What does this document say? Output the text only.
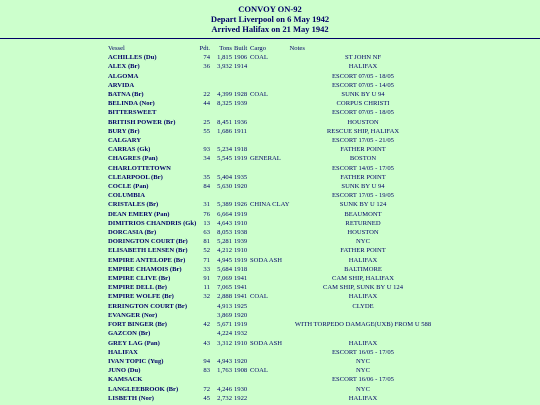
CONVOY ON-92
Depart Liverpool on 6 May 1942
Arrived Halifax on 21 May 1942
Vessel	Pdt.	Tons	Built	Cargo	Notes
ACHILLES (Du)	74	1,815	1906	COAL	ST JOHN NF
ALEX (Br)	36	3,932	1914		HALIFAX
ALGOMA					ESCORT 07/05 - 18/05
ARVIDA					ESCORT 07/05 - 14/05
BATNA (Br)	22	4,399	1928	COAL	SUNK BY U 94
BELINDA (Nor)	44	8,325	1939		CORPUS CHRISTI
BITTERSWEET					ESCORT 07/05 - 18/05
BRITISH POWER (Br)	25	8,451	1936		HOUSTON
BURY (Br)	55	1,686	1911		RESCUE SHIP, HALIFAX
CALGARY					ESCORT 17/05 - 21/05
CARRAS (Gk)	93	5,234	1918		FATHER POINT
CHAGRES (Pan)	34	5,545	1919	GENERAL	BOSTON
CHARLOTTETOWN					ESCORT 14/05 - 17/05
CLEARPOOL (Br)	35	5,404	1935		FATHER POINT
COCLE (Pan)	84	5,630	1920		SUNK BY U 94
COLUMBIA					ESCORT 17/05 - 19/05
CRISTALES (Br)	31	5,389	1926	CHINA CLAY	SUNK BY U 124
DEAN EMERY (Pan)	76	6,664	1919		BEAUMONT
DIMITRIOS CHANDRIS (Gk)	13	4,643	1910		RETURNED
DORCASIA (Br)	63	8,053	1938		HOUSTON
DORINGTON COURT (Br)	81	5,281	1939		NYC
ELISABETH LENSEN (Br)	52	4,212	1910		FATHER POINT
EMPIRE ANTELOPE (Br)	71	4,945	1919	SODA ASH	HALIFAX
EMPIRE CHAMOIS (Br)	33	5,684	1918		BALTIMORE
EMPIRE CLIVE (Br)	91	7,069	1941		CAM SHIP, HALIFAX
EMPIRE DELL (Br)	11	7,065	1941		CAM SHIP, SUNK BY U 124
EMPIRE WOLFE (Br)	32	2,888	1941	COAL	HALIFAX
ERRINGTON COURT (Br)		4,913	1925		CLYDE
EVANGER (Nor)		3,869	1920		
FORT BINGER (Br)	42	5,671	1919		WITH TORPEDO DAMAGE(UXB) FROM U 588
GAZCON (Br)		4,224	1932		
GREY LAG (Pan)	43	3,312	1910	SODA ASH	HALIFAX
HALIFAX					ESCORT 16/05 - 17/05
IVAN TOPIC (Yug)	94	4,943	1920		NYC
JUNO (Du)	83	1,763	1908	COAL	NYC
KAMSACK					ESCORT 16/06 - 17/05
LANGLEEBROOK (Br)	72	4,246	1930		NYC
LISBETH (Nor)	45	2,732	1922		HALIFAX
